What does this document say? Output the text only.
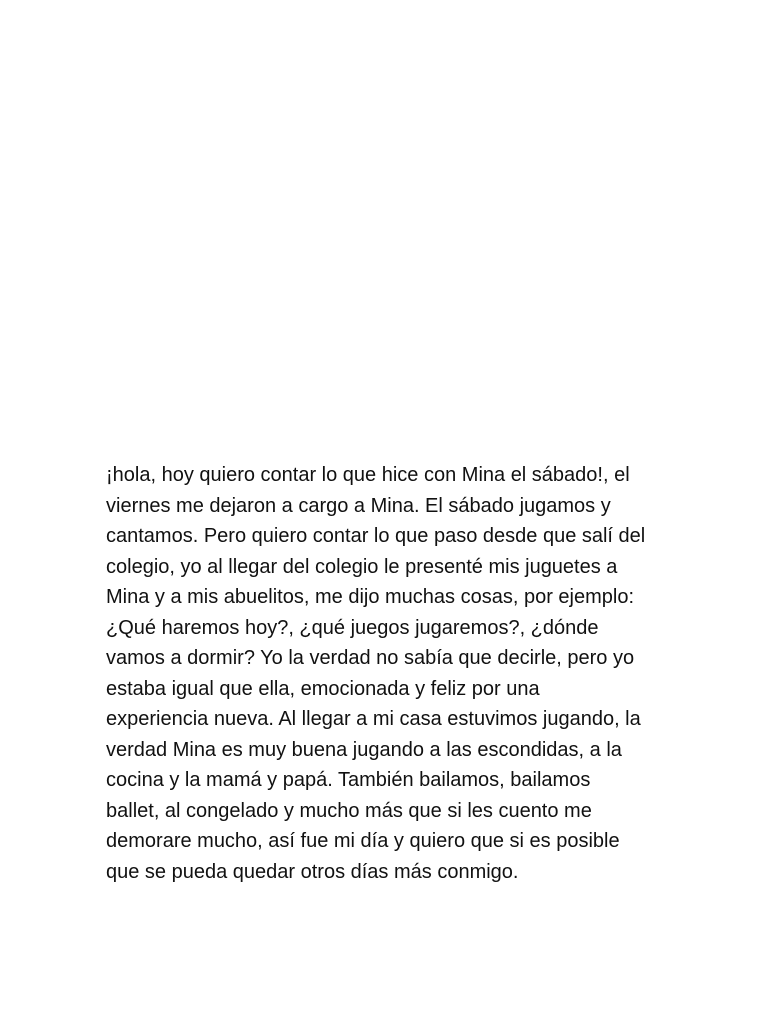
¡hola, hoy quiero contar lo que hice con Mina el sábado!, el
viernes me dejaron a cargo a Mina. El sábado jugamos y
cantamos. Pero quiero contar lo que paso desde que salí del
colegio, yo al llegar del colegio le presenté mis juguetes a
Mina y a mis abuelitos, me dijo muchas cosas, por ejemplo:
¿Qué haremos hoy?, ¿qué juegos jugaremos?, ¿dónde
vamos a dormir? Yo la verdad no sabía que decirle, pero yo
estaba igual que ella, emocionada y feliz por una
experiencia nueva. Al llegar a mi casa estuvimos jugando, la
verdad Mina es muy buena jugando a las escondidas, a la
cocina y la mamá y papá. También bailamos, bailamos
ballet, al congelado y mucho más que si les cuento me
demorare mucho, así fue mi día y quiero que si es posible
que se pueda quedar otros días más conmigo.
